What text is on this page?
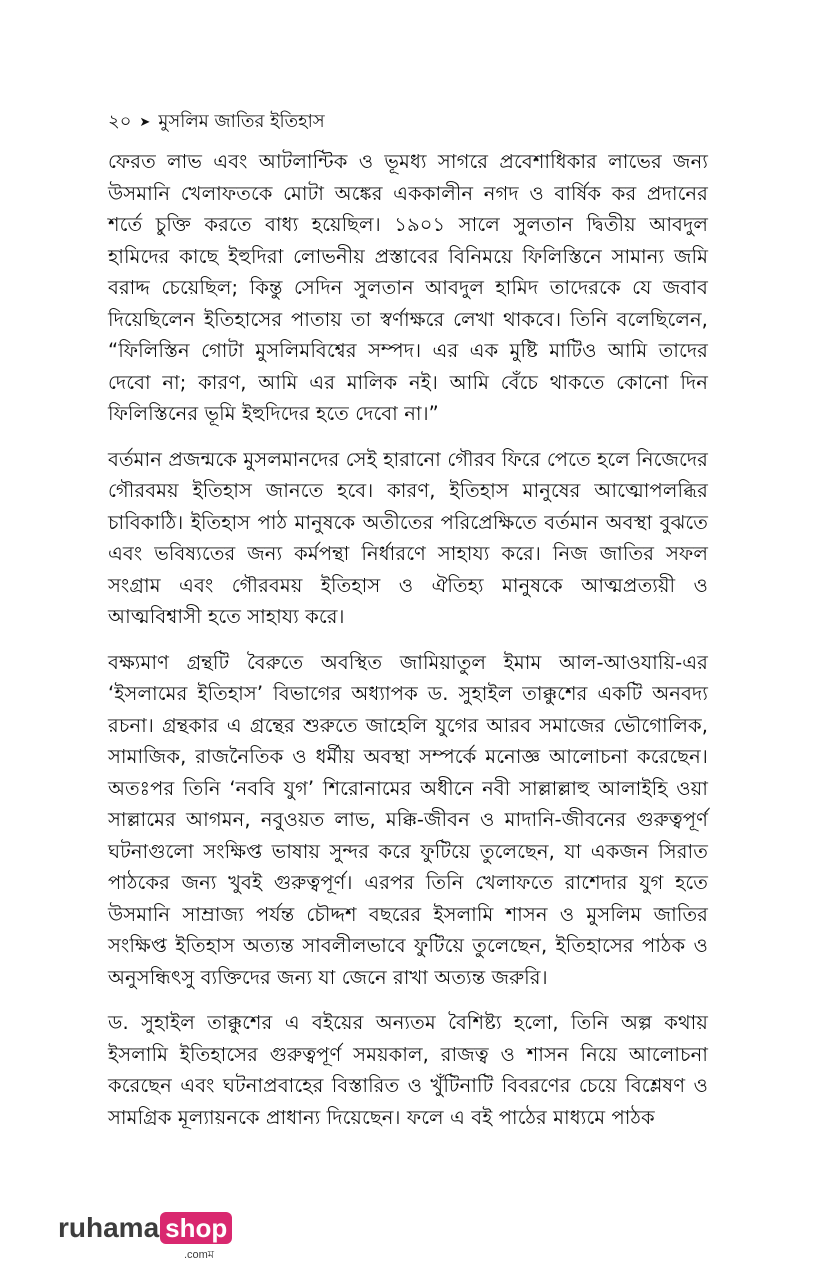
২০ ➤ মুসলিম জাতির ইতিহাস

ফেরত লাভ এবং আটলান্টিক ও ভূমধ্য সাগরে প্রবেশাধিকার লাভের জন্য উসমানি খেলাফতকে মোটা অঙ্কের এককালীন নগদ ও বার্ষিক কর প্রদানের শর্তে চুক্তি করতে বাধ্য হয়েছিল। ১৯০১ সালে সুলতান দ্বিতীয় আবদুল হামিদের কাছে ইহুদিরা লোভনীয় প্রস্তাবের বিনিময়ে ফিলিস্তিনে সামান্য জমি বরাদ্দ চেয়েছিল; কিন্তু সেদিন সুলতান আবদুল হামিদ তাদেরকে যে জবাব দিয়েছিলেন ইতিহাসের পাতায় তা স্বর্ণাক্ষরে লেখা থাকবে। তিনি বলেছিলেন, “ফিলিস্তিন গোটা মুসলিমবিশ্বের সম্পদ। এর এক মুষ্টি মাটিও আমি তাদের দেবো না; কারণ, আমি এর মালিক নই। আমি বেঁচে থাকতে কোনো দিন ফিলিস্তিনের ভূমি ইহুদিদের হতে দেবো না।”

বর্তমান প্রজন্মকে মুসলমানদের সেই হারানো গৌরব ফিরে পেতে হলে নিজেদের গৌরবময় ইতিহাস জানতে হবে। কারণ, ইতিহাস মানুষের আত্মোপলব্ধির চাবিকাঠি। ইতিহাস পাঠ মানুষকে অতীতের পরিপ্রেক্ষিতে বর্তমান অবস্থা বুঝতে এবং ভবিষ্যতের জন্য কর্মপন্থা নির্ধারণে সাহায্য করে। নিজ জাতির সফল সংগ্রাম এবং গৌরবময় ইতিহাস ও ঐতিহ্য মানুষকে আত্মপ্রত্যয়ী ও আত্মবিশ্বাসী হতে সাহায্য করে।

বক্ষ্যমাণ গ্রন্থটি বৈরুতে অবস্থিত জামিয়াতুল ইমাম আল-আওযায়ি-এর ‘ইসলামের ইতিহাস’ বিভাগের অধ্যাপক ড. সুহাইল তাক্কুশের একটি অনবদ্য রচনা। গ্রন্থকার এ গ্রন্থের শুরুতে জাহেলি যুগের আরব সমাজের ভৌগোলিক, সামাজিক, রাজনৈতিক ও ধর্মীয় অবস্থা সম্পর্কে মনোজ্ঞ আলোচনা করেছেন। অতঃপর তিনি ‘নববি যুগ’ শিরোনামের অধীনে নবী সাল্লাল্লাহু আলাইহি ওয়া সাল্লামের আগমন, নবুওয়ত লাভ, মক্কি-জীবন ও মাদানি-জীবনের গুরুত্বপূর্ণ ঘটনাগুলো সংক্ষিপ্ত ভাষায় সুন্দর করে ফুটিয়ে তুলেছেন, যা একজন সিরাত পাঠকের জন্য খুবই গুরুত্বপূর্ণ। এরপর তিনি খেলাফতে রাশেদার যুগ হতে উসমানি সাম্রাজ্য পর্যন্ত চৌদ্দশ বছরের ইসলামি শাসন ও মুসলিম জাতির সংক্ষিপ্ত ইতিহাস অত্যন্ত সাবলীলভাবে ফুটিয়ে তুলেছেন, ইতিহাসের পাঠক ও অনুসন্ধিৎসু ব্যক্তিদের জন্য যা জেনে রাখা অত্যন্ত জরুরি।

ড. সুহাইল তাক্কুশের এ বইয়ের অন্যতম বৈশিষ্ট্য হলো, তিনি অল্প কথায় ইসলামি ইতিহাসের গুরুত্বপূর্ণ সময়কাল, রাজত্ব ও শাসন নিয়ে আলোচনা করেছেন এবং ঘটনাপ্রবাহের বিস্তারিত ও খুঁটিনাটি বিবরণের চেয়ে বিশ্লেষণ ও সামগ্রিক মূল্যায়নকে প্রাধান্য দিয়েছেন। ফলে এ বই পাঠের মাধ্যমে পাঠক

ruhama shop
.comম
